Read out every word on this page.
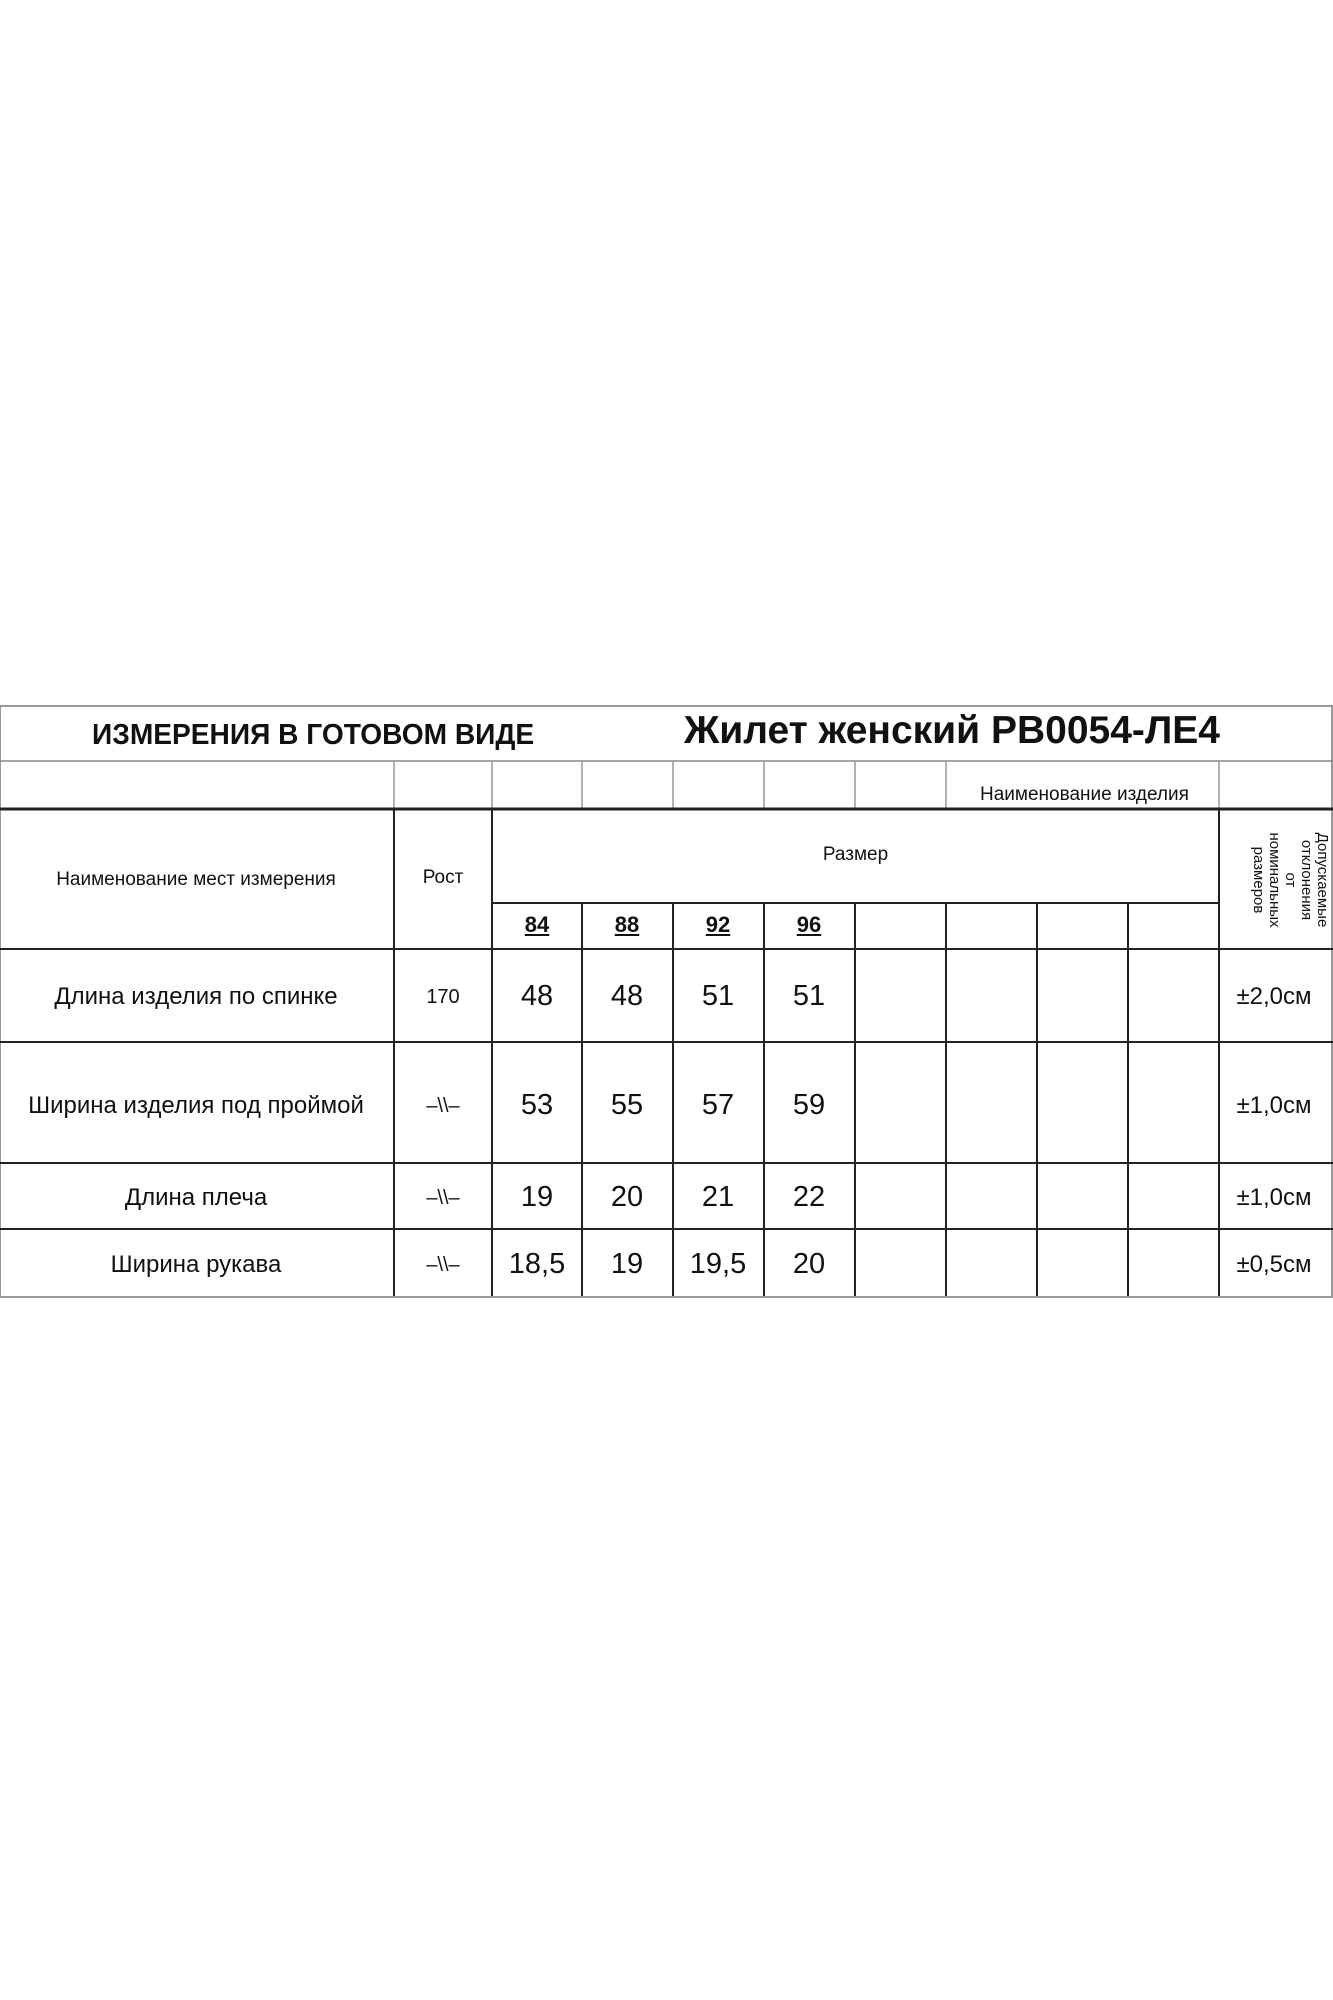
ИЗМЕРЕНИЯ В ГОТОВОМ ВИДЕ	Жилет женский РВ0054-ЛЕ4
Наименование изделия
Наименование мест измерения	Рост
Размер	Допускаемые
отклонения
от
номинальных
размеров
84	88	92	96
Длина изделия по спинке	170	48	48	51	51	±2,0см
Ширина изделия под проймой	–\\–	53	55	57	59	±1,0см
Длина плеча	–\\–	19	20	21	22	±1,0см
Ширина рукава	–\\–	18,5	19	19,5	20	±0,5см
